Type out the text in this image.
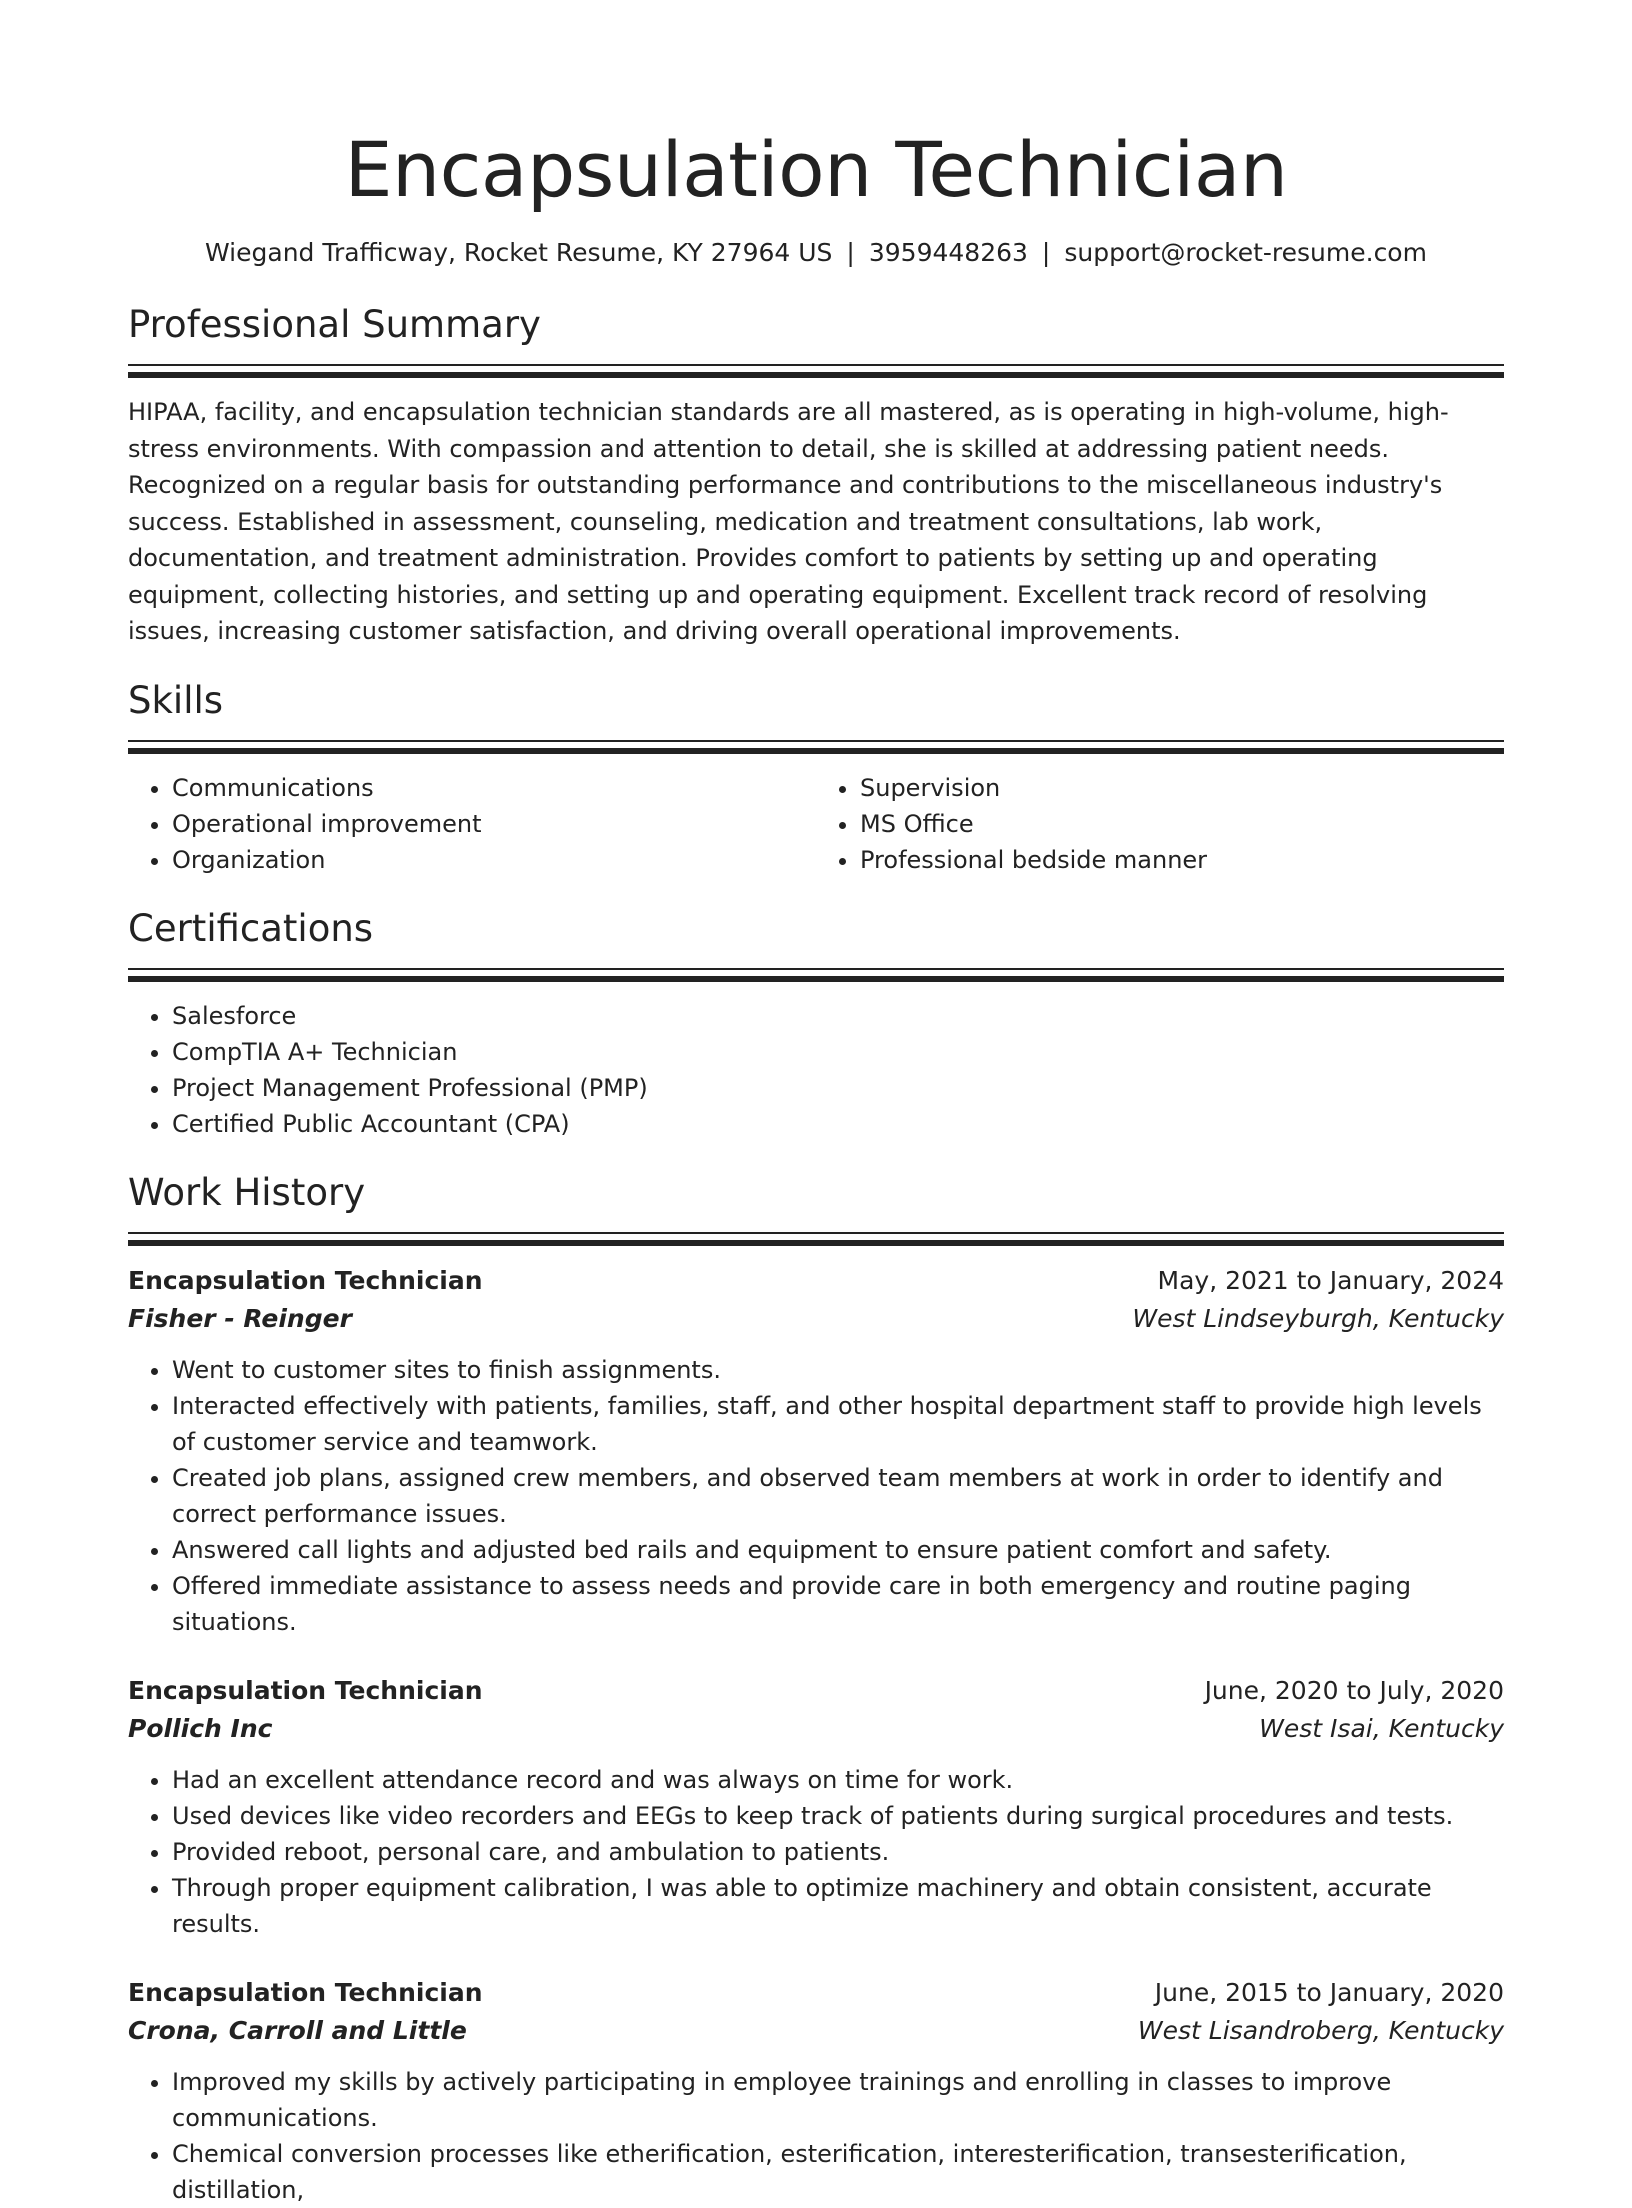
Encapsulation Technician
Wiegand Trafficway, Rocket Resume, KY 27964 US | 3959448263 | support@rocket-resume.com
Professional Summary
HIPAA, facility, and encapsulation technician standards are all mastered, as is operating in high-volume, high-stress environments. With compassion and attention to detail, she is skilled at addressing patient needs. Recognized on a regular basis for outstanding performance and contributions to the miscellaneous industry's success. Established in assessment, counseling, medication and treatment consultations, lab work, documentation, and treatment administration. Provides comfort to patients by setting up and operating equipment, collecting histories, and setting up and operating equipment. Excellent track record of resolving issues, increasing customer satisfaction, and driving overall operational improvements.
Skills
• Communications
• Operational improvement
• Organization
• Supervision
• MS Office
• Professional bedside manner
Certifications
• Salesforce
• CompTIA A+ Technician
• Project Management Professional (PMP)
• Certified Public Accountant (CPA)
Work History
Encapsulation Technician	May, 2021 to January, 2024
Fisher - Reinger	West Lindseyburgh, Kentucky
• Went to customer sites to finish assignments.
• Interacted effectively with patients, families, staff, and other hospital department staff to provide high levels of customer service and teamwork.
• Created job plans, assigned crew members, and observed team members at work in order to identify and correct performance issues.
• Answered call lights and adjusted bed rails and equipment to ensure patient comfort and safety.
• Offered immediate assistance to assess needs and provide care in both emergency and routine paging situations.
Encapsulation Technician	June, 2020 to July, 2020
Pollich Inc	West Isai, Kentucky
• Had an excellent attendance record and was always on time for work.
• Used devices like video recorders and EEGs to keep track of patients during surgical procedures and tests.
• Provided reboot, personal care, and ambulation to patients.
• Through proper equipment calibration, I was able to optimize machinery and obtain consistent, accurate results.
Encapsulation Technician	June, 2015 to January, 2020
Crona, Carroll and Little	West Lisandroberg, Kentucky
• Improved my skills by actively participating in employee trainings and enrolling in classes to improve communications.
• Chemical conversion processes like etherification, esterification, interesterification, transesterification, distillation,
